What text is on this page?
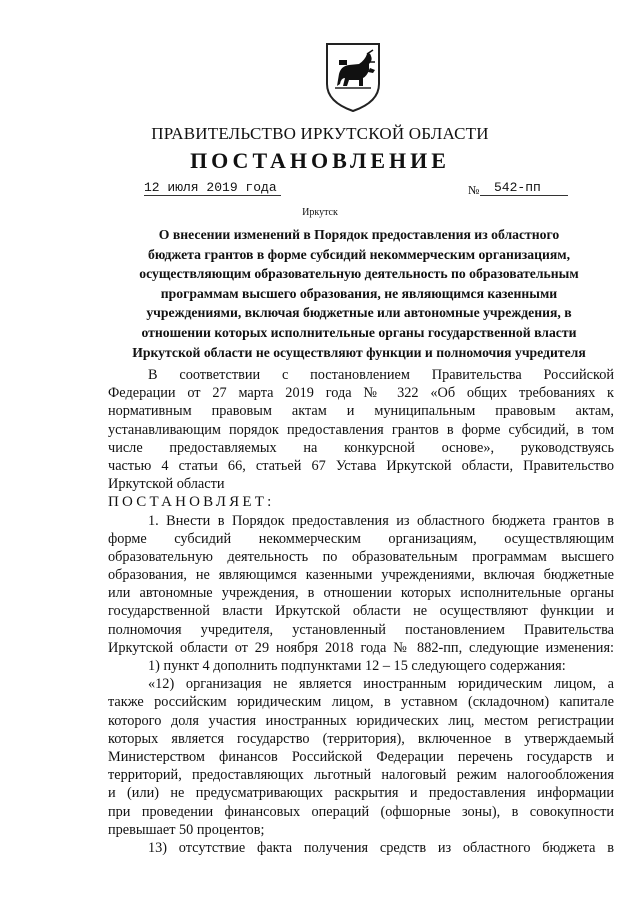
ПРАВИТЕЛЬСТВО ИРКУТСКОЙ ОБЛАСТИ
ПОСТАНОВЛЕНИЕ
12 июля 2019 года	№	542-пп
Иркутск
О внесении изменений в Порядок предоставления из областного
бюджета грантов в форме субсидий некоммерческим организациям,
осуществляющим образовательную деятельность по образовательным
программам высшего образования, не являющимся казенными
учреждениями, включая бюджетные или автономные учреждения, в
отношении которых исполнительные органы государственной власти
Иркутской области не осуществляют функции и полномочия учредителя
В соответствии с постановлением Правительства Российской
Федерации от 27 марта 2019 года № 322 «Об общих требованиях к
нормативным правовым актам и муниципальным правовым актам,
устанавливающим порядок предоставления грантов в форме субсидий, в том
числе предоставляемых на конкурсной основе», руководствуясь
частью 4 статьи 66, статьей 67 Устава Иркутской области, Правительство
Иркутской области
ПОСТАНОВЛЯЕТ:
1. Внести в Порядок предоставления из областного бюджета грантов в
форме субсидий некоммерческим организациям, осуществляющим
образовательную деятельность по образовательным программам высшего
образования, не являющимся казенными учреждениями, включая бюджетные
или автономные учреждения, в отношении которых исполнительные органы
государственной власти Иркутской области не осуществляют функции и
полномочия учредителя, установленный постановлением Правительства
Иркутской области от 29 ноября 2018 года № 882-пп, следующие изменения:
1) пункт 4 дополнить подпунктами 12 – 15 следующего содержания:
«12) организация не является иностранным юридическим лицом, а
также российским юридическим лицом, в уставном (складочном) капитале
которого доля участия иностранных юридических лиц, местом регистрации
которых является государство (территория), включенное в утверждаемый
Министерством финансов Российской Федерации перечень государств и
территорий, предоставляющих льготный налоговый режим налогообложения
и (или) не предусматривающих раскрытия и предоставления информации
при проведении финансовых операций (офшорные зоны), в совокупности
превышает 50 процентов;
13) отсутствие факта получения средств из областного бюджета в
